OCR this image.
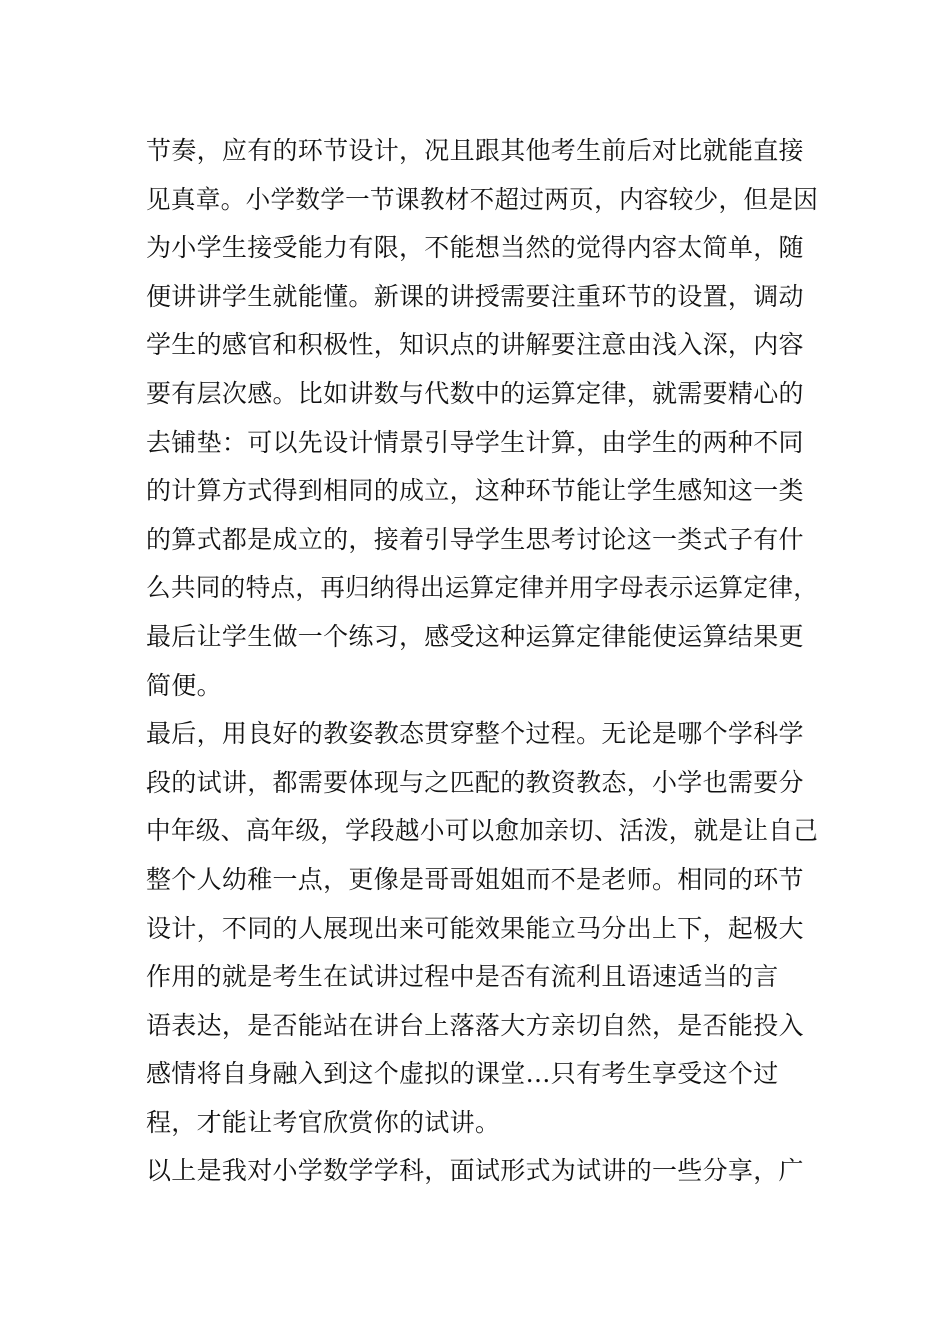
节奏，应有的环节设计，况且跟其他考生前后对比就能直接
见真章。小学数学一节课教材不超过两页，内容较少，但是因
为小学生接受能力有限，不能想当然的觉得内容太简单，随
便讲讲学生就能懂。新课的讲授需要注重环节的设置，调动
学生的感官和积极性，知识点的讲解要注意由浅入深，内容
要有层次感。比如讲数与代数中的运算定律，就需要精心的
去铺垫：可以先设计情景引导学生计算，由学生的两种不同
的计算方式得到相同的成立，这种环节能让学生感知这一类
的算式都是成立的，接着引导学生思考讨论这一类式子有什
么共同的特点，再归纳得出运算定律并用字母表示运算定律，
最后让学生做一个练习，感受这种运算定律能使运算结果更
简便。

最后，用良好的教姿教态贯穿整个过程。无论是哪个学科学
段的试讲，都需要体现与之匹配的教资教态，小学也需要分
中年级、高年级，学段越小可以愈加亲切、活泼，就是让自己
整个人幼稚一点，更像是哥哥姐姐而不是老师。相同的环节
设计，不同的人展现出来可能效果能立马分出上下，起极大
作用的就是考生在试讲过程中是否有流利且语速适当的言
语表达，是否能站在讲台上落落大方亲切自然，是否能投入
感情将自身融入到这个虚拟的课堂…只有考生享受这个过
程，才能让考官欣赏你的试讲。

以上是我对小学数学学科，面试形式为试讲的一些分享，广
